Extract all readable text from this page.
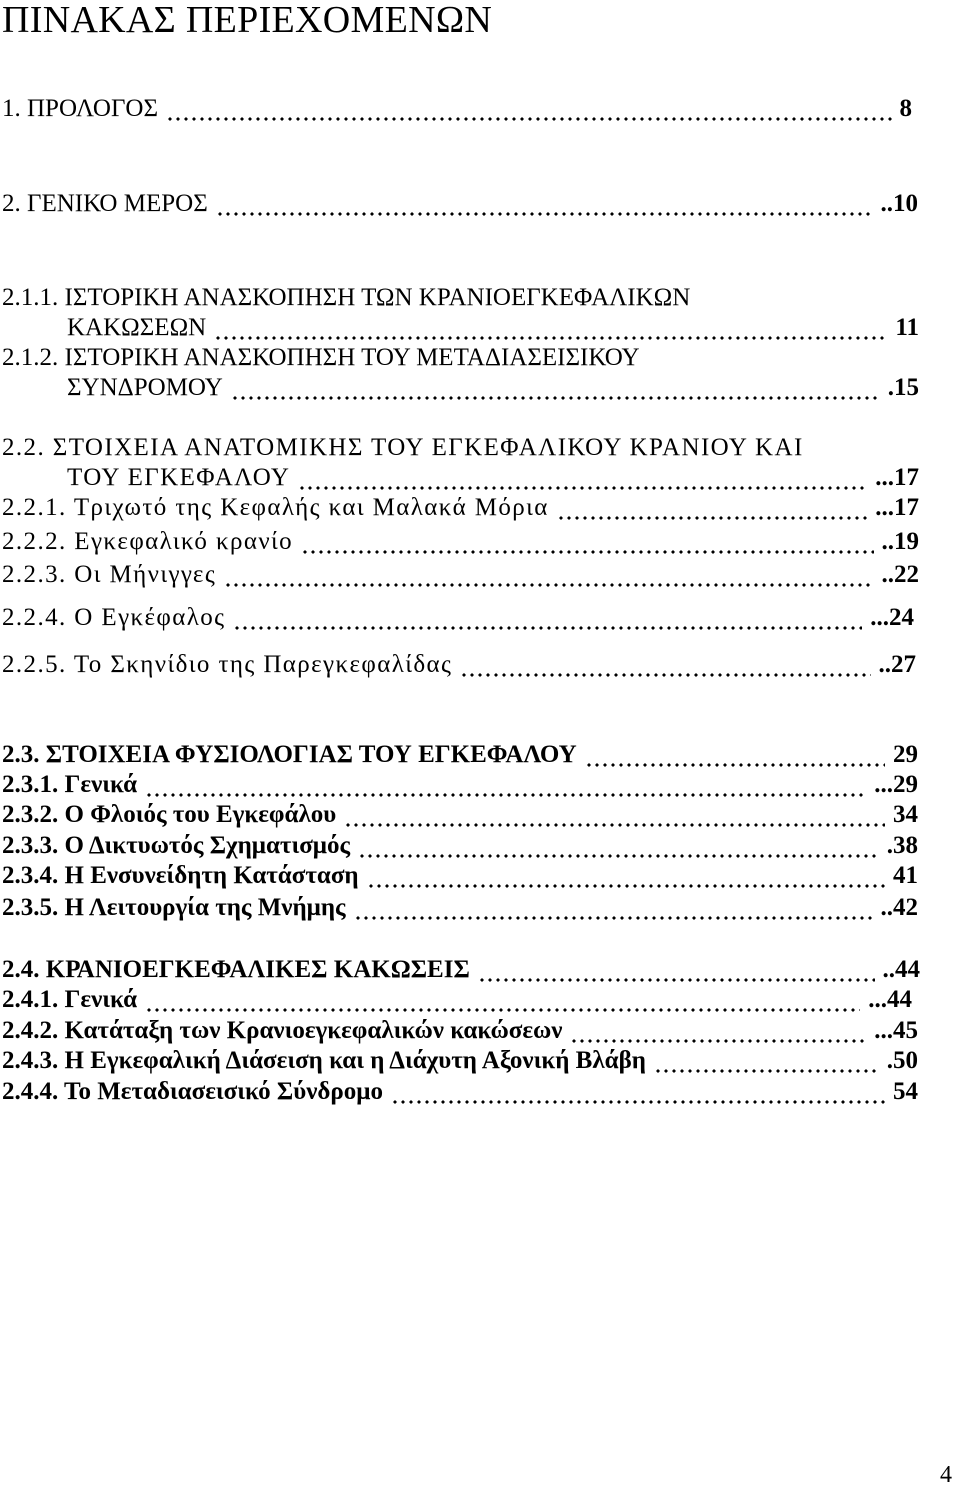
ΠΙΝΑΚΑΣ ΠΕΡΙΕΧΟΜΕΝΩΝ
1. ΠΡΟΛΟΓΟΣ	8
2. ΓΕΝΙΚΟ ΜΕΡΟΣ	..10
2.1.1. ΙΣΤΟΡΙΚΗ ΑΝΑΣΚΟΠΗΣΗ ΤΩΝ ΚΡΑΝΙΟΕΓΚΕΦΑΛΙΚΩΝ
ΚΑΚΩΣΕΩΝ	11
2.1.2. ΙΣΤΟΡΙΚΗ ΑΝΑΣΚΟΠΗΣΗ ΤΟΥ ΜΕΤΑΔΙΑΣΕΙΣΙΚΟΥ
ΣΥΝΔΡΟΜΟΥ	.15
2.2. ΣΤΟΙΧΕΙΑ ΑΝΑΤΟΜΙΚΗΣ ΤΟΥ ΕΓΚΕΦΑΛΙΚΟΥ ΚΡΑΝΙΟΥ ΚΑΙ
ΤΟΥ ΕΓΚΕΦΑΛΟΥ	...17
2.2.1. Τριχωτό της Κεφαλής και Μαλακά Μόρια	...17
2.2.2. Εγκεφαλικό κρανίο	..19
2.2.3. Οι Μήνιγγες	..22
2.2.4. Ο Εγκέφαλος	...24
2.2.5. Το Σκηνίδιο της Παρεγκεφαλίδας	..27
2.3. ΣΤΟΙΧΕΙΑ ΦΥΣΙΟΛΟΓΙΑΣ ΤΟΥ ΕΓΚΕΦΑΛΟΥ	29
2.3.1. Γενικά	...29
2.3.2. Ο Φλοιός του Εγκεφάλου	34
2.3.3. Ο Δικτυωτός Σχηματισμός	.38
2.3.4. Η Ενσυνείδητη Κατάσταση	41
2.3.5. Η Λειτουργία της Μνήμης	..42
2.4. ΚΡΑΝΙΟΕΓΚΕΦΑΛΙΚΕΣ ΚΑΚΩΣΕΙΣ	..44
2.4.1. Γενικά	...44
2.4.2. Κατάταξη των Κρανιοεγκεφαλικών κακώσεων	...45
2.4.3. Η Εγκεφαλική Διάσειση και η Διάχυτη Αξονική Βλάβη	.50
2.4.4. Το Μεταδιασεισικό Σύνδρομο	54
4
